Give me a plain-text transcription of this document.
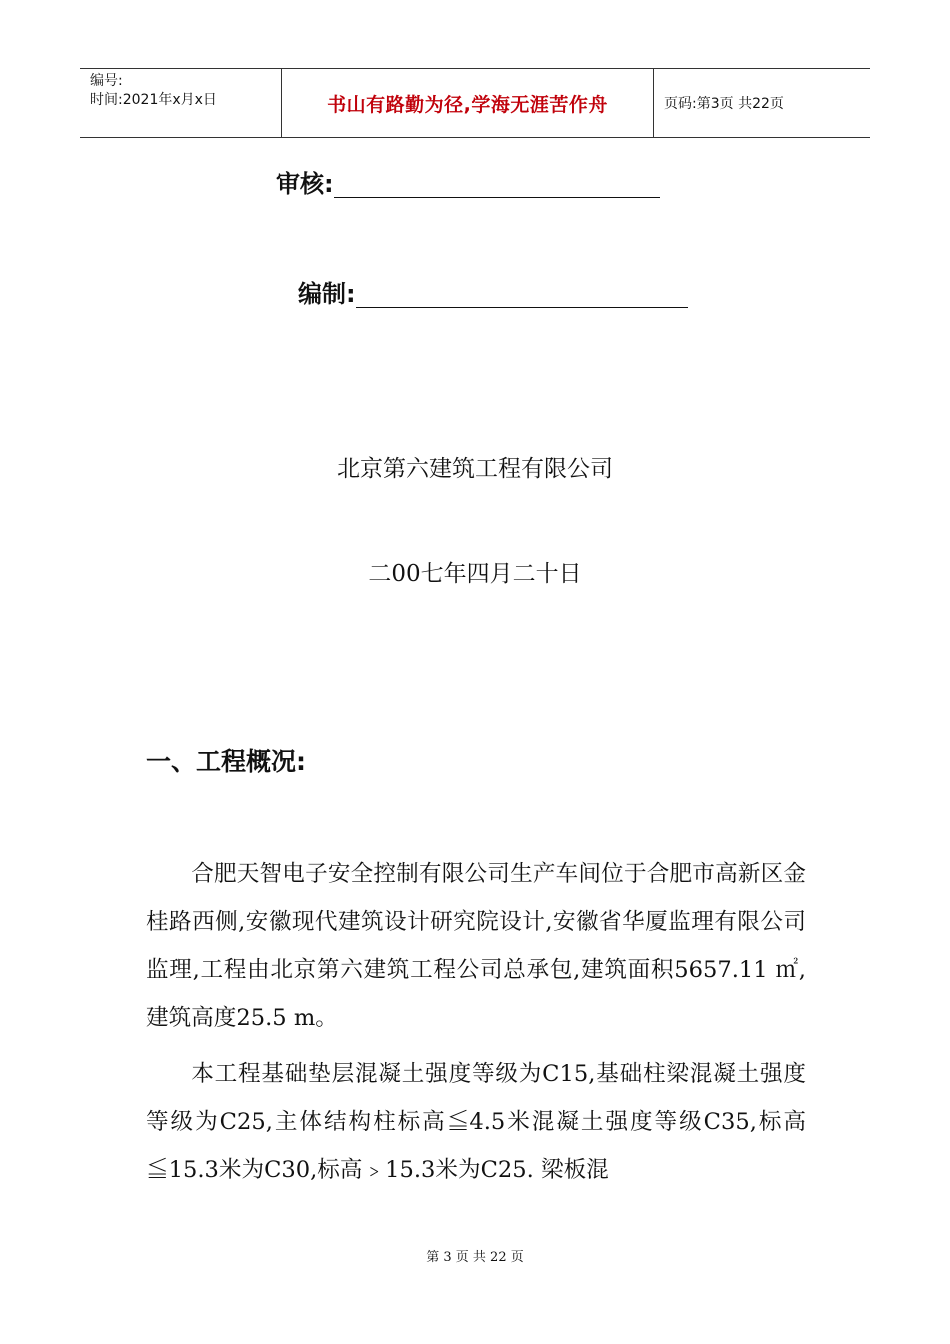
编号:
时间:2021年x月x日	书山有路勤为径,学海无涯苦作舟	页码:第3页 共22页
审核:
编制:
北京第六建筑工程有限公司
二00七年四月二十日
一、工程概况:

合肥天智电子安全控制有限公司生产车间位于合肥市高新区金桂路西侧,安徽现代建筑设计研究院设计,安徽省华厦监理有限公司监理,工程由北京第六建筑工程公司总承包,建筑面积5657.11 ㎡,建筑高度25.5 m。

本工程基础垫层混凝土强度等级为C15,基础柱梁混凝土强度等级为C25,主体结构柱标高≦4.5米混凝土强度等级C35,标高≦15.3米为C30,标高﹥15.3米为C25. 梁板混

第 3 页 共 22 页
